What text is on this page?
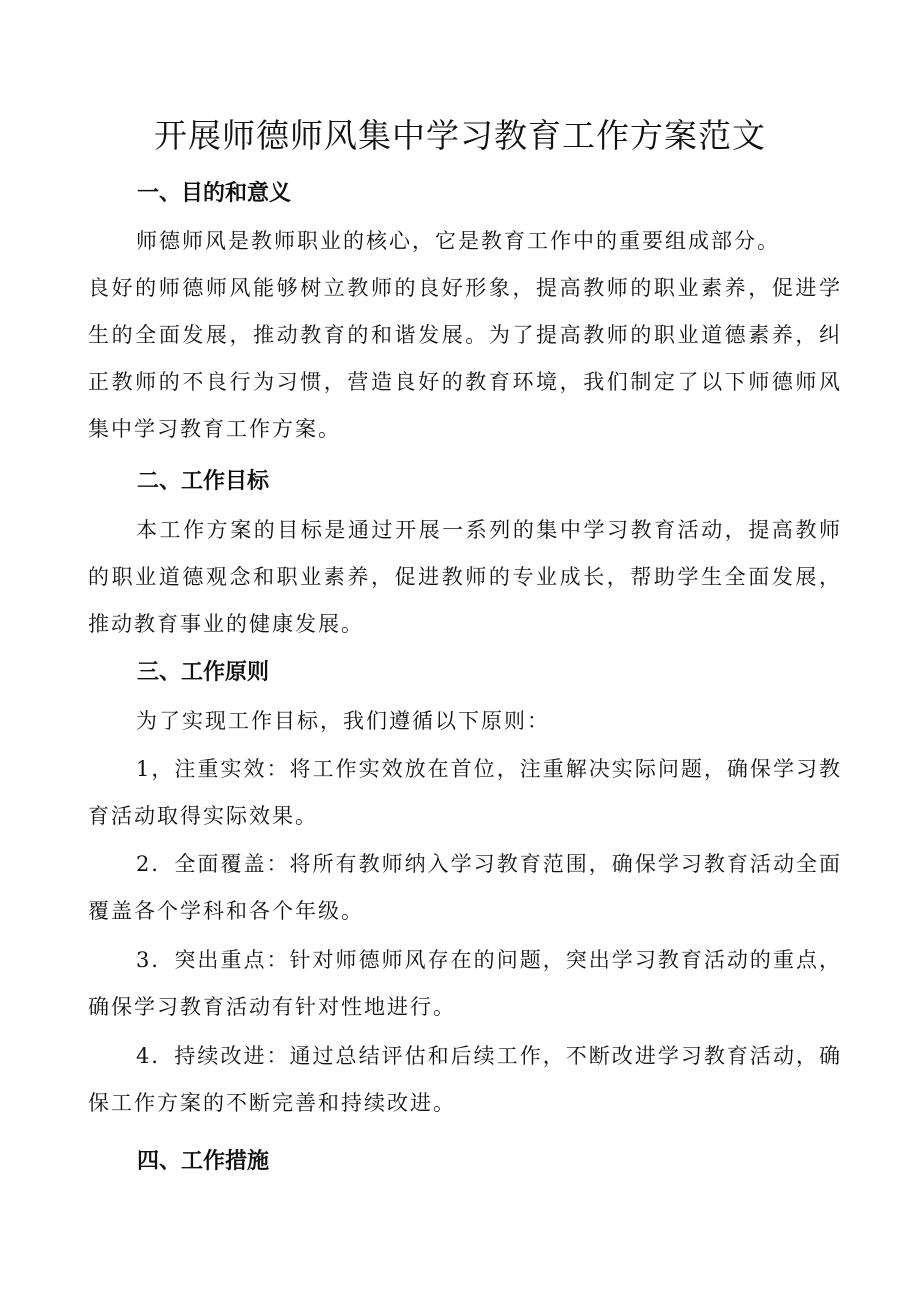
开展师德师风集中学习教育工作方案范文
一、目的和意义

师德师风是教师职业的核心，它是教育工作中的重要组成部分。

良好的师德师风能够树立教师的良好形象，提高教师的职业素养，促进学生的全面发展，推动教育的和谐发展。为了提高教师的职业道德素养，纠正教师的不良行为习惯，营造良好的教育环境，我们制定了以下师德师风集中学习教育工作方案。

二、工作目标

本工作方案的目标是通过开展一系列的集中学习教育活动，提高教师的职业道德观念和职业素养，促进教师的专业成长，帮助学生全面发展，推动教育事业的健康发展。

三、工作原则

为了实现工作目标，我们遵循以下原则：

1，注重实效：将工作实效放在首位，注重解决实际问题，确保学习教育活动取得实际效果。

2．全面覆盖：将所有教师纳入学习教育范围，确保学习教育活动全面覆盖各个学科和各个年级。

3．突出重点：针对师德师风存在的问题，突出学习教育活动的重点，确保学习教育活动有针对性地进行。

4．持续改进：通过总结评估和后续工作，不断改进学习教育活动，确保工作方案的不断完善和持续改进。

四、工作措施
